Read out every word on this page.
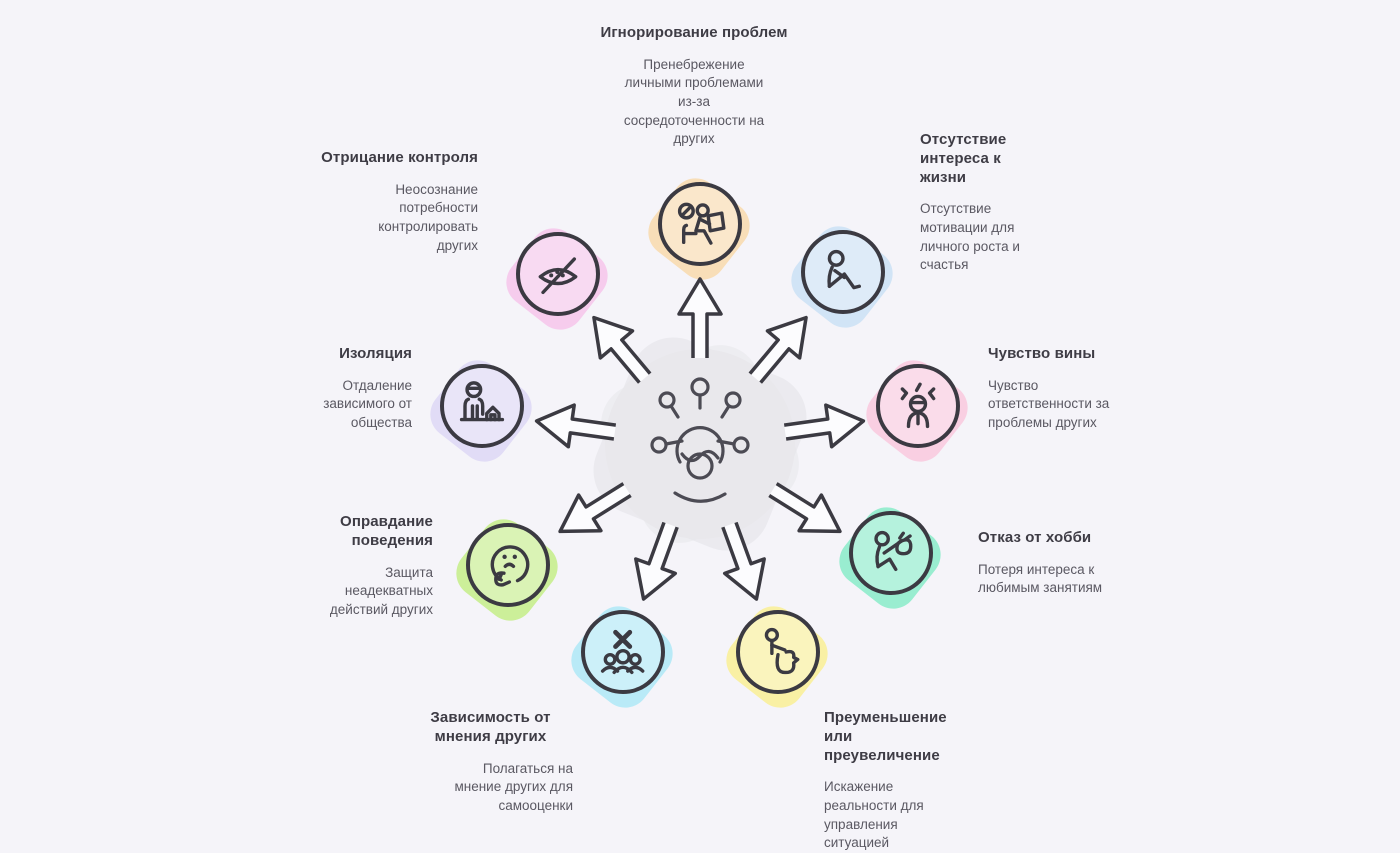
Игнорирование проблем
Пренебрежение личными проблемами из-за сосредоточенности на других	Отсутствие интереса к жизни
Отсутствие мотивации для личного роста и счастья
Чувство вины
Чувство ответственности за проблемы других
Отказ от хобби
Потеря интереса к любимым занятиям
Преуменьшение или преувеличение
Искажение реальности для управления ситуацией
Зависимость от мнения других
Полагаться на мнение других для самооценки
Оправдание поведения
Защита неадекватных действий других
Изоляция
Отдаление зависимого от общества
Отрицание контроля
Неосознание потребности контролировать других
